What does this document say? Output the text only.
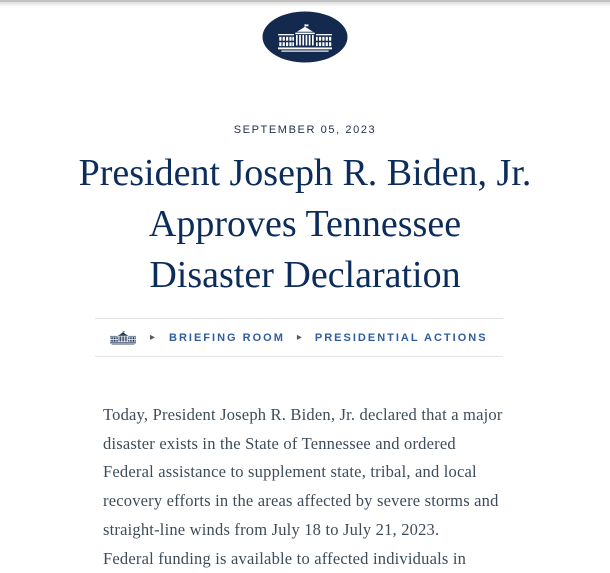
SEPTEMBER 05, 2023
President Joseph R. Biden, Jr.
Approves Tennessee
Disaster Declaration
▸ BRIEFING ROOM ▸ PRESIDENTIAL ACTIONS

Today, President Joseph R. Biden, Jr. declared that a major
disaster exists in the State of Tennessee and ordered
Federal assistance to supplement state, tribal, and local
recovery efforts in the areas affected by severe storms and
straight-line winds from July 18 to July 21, 2023.

Federal funding is available to affected individuals in
